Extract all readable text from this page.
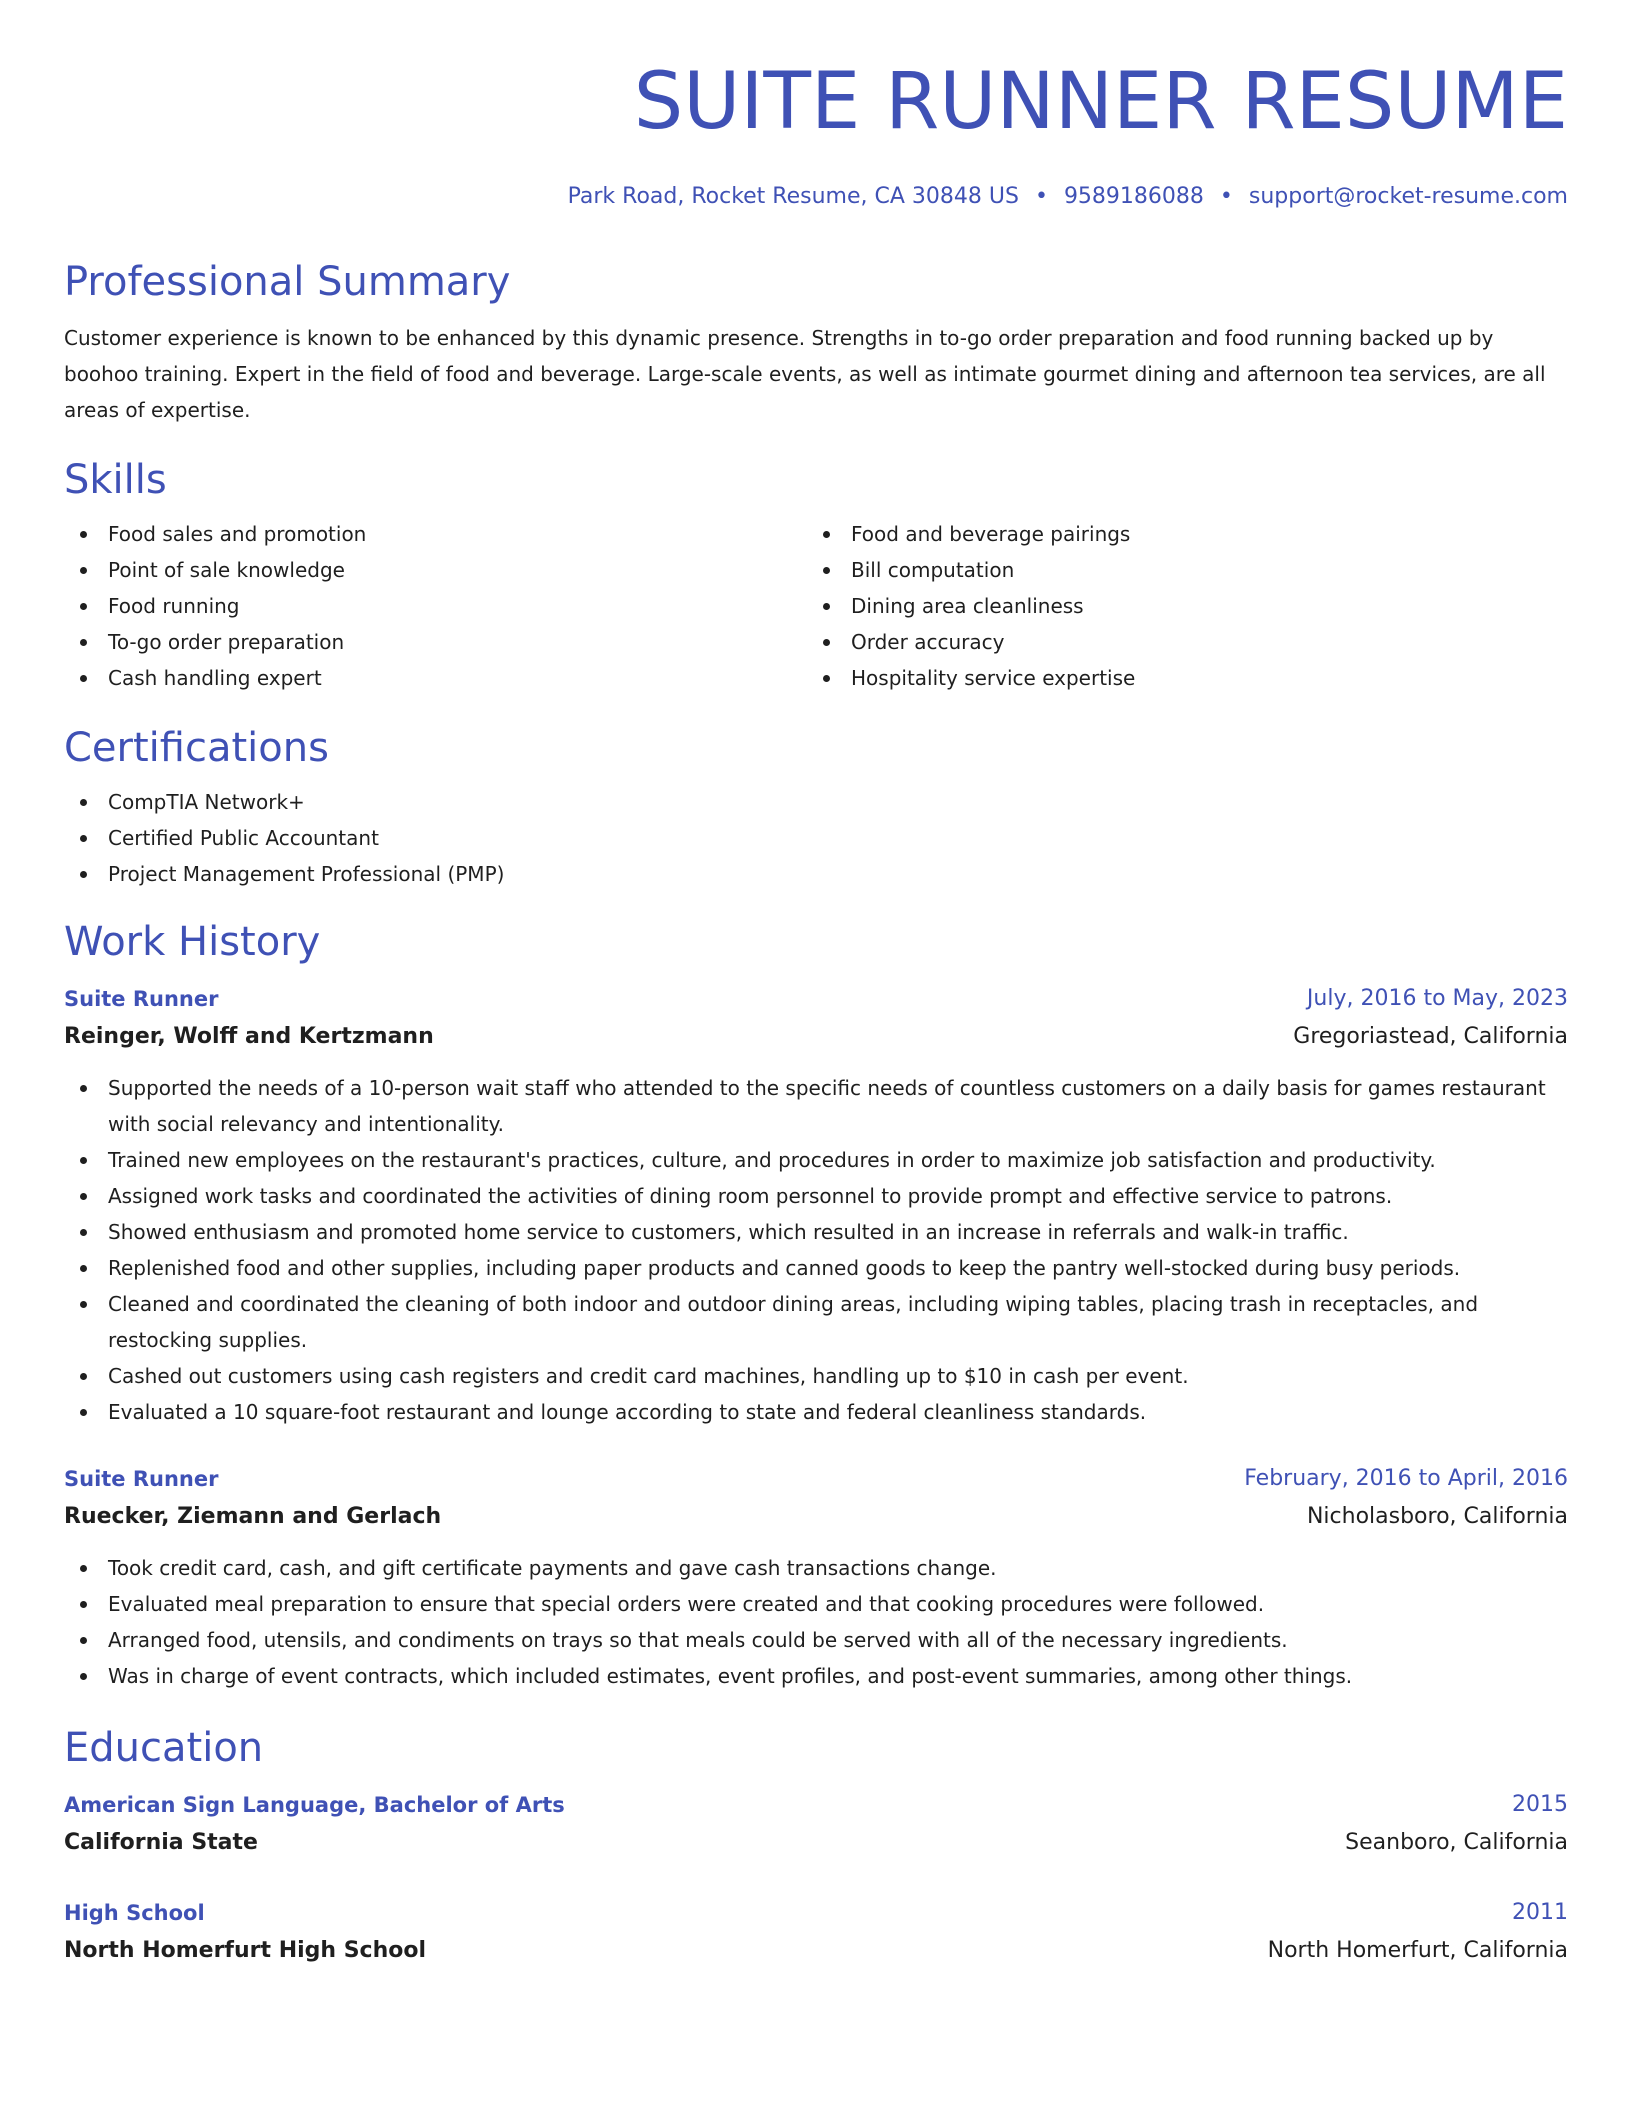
SUITE RUNNER RESUME
Park Road, Rocket Resume, CA 30848 US • 9589186088 • support@rocket-resume.com
Professional Summary

Customer experience is known to be enhanced by this dynamic presence. Strengths in to-go order preparation and food running backed up by boohoo training. Expert in the field of food and beverage. Large-scale events, as well as intimate gourmet dining and afternoon tea services, are all areas of expertise.

Skills
Food sales and promotion
Point of sale knowledge
Food running
To-go order preparation
Cash handling expert
Food and beverage pairings
Bill computation
Dining area cleanliness
Order accuracy
Hospitality service expertise
Certifications
CompTIA Network+
Certified Public Accountant
Project Management Professional (PMP)
Work History
Suite Runner	July, 2016 to May, 2023
Reinger, Wolff and Kertzmann	Gregoriastead, California
Supported the needs of a 10-person wait staff who attended to the specific needs of countless customers on a daily basis for games restaurant with social relevancy and intentionality.
Trained new employees on the restaurant's practices, culture, and procedures in order to maximize job satisfaction and productivity.
Assigned work tasks and coordinated the activities of dining room personnel to provide prompt and effective service to patrons.
Showed enthusiasm and promoted home service to customers, which resulted in an increase in referrals and walk-in traffic.
Replenished food and other supplies, including paper products and canned goods to keep the pantry well-stocked during busy periods.
Cleaned and coordinated the cleaning of both indoor and outdoor dining areas, including wiping tables, placing trash in receptacles, and restocking supplies.
Cashed out customers using cash registers and credit card machines, handling up to $10 in cash per event.
Evaluated a 10 square-foot restaurant and lounge according to state and federal cleanliness standards.
Suite Runner	February, 2016 to April, 2016
Ruecker, Ziemann and Gerlach	Nicholasboro, California
Took credit card, cash, and gift certificate payments and gave cash transactions change.
Evaluated meal preparation to ensure that special orders were created and that cooking procedures were followed.
Arranged food, utensils, and condiments on trays so that meals could be served with all of the necessary ingredients.
Was in charge of event contracts, which included estimates, event profiles, and post-event summaries, among other things.
Education
American Sign Language, Bachelor of Arts	2015
California State	Seanboro, California
High School	2011
North Homerfurt High School	North Homerfurt, California
